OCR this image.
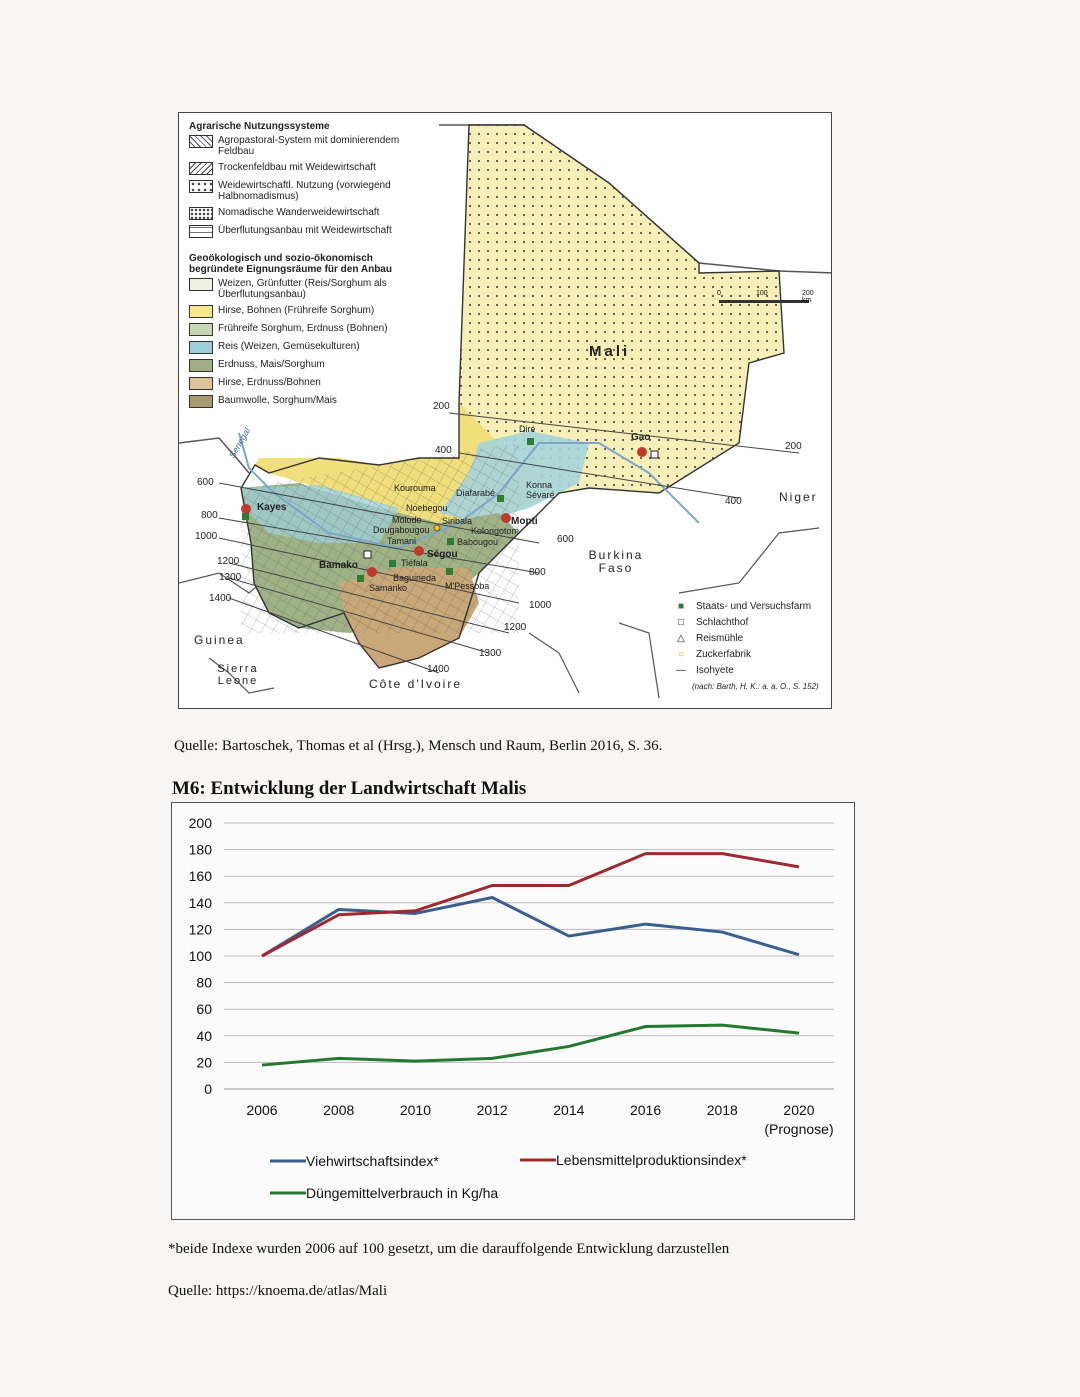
Agrarische Nutzungssysteme
Agropastoral-System mit dominierendem Feldbau
Trockenfeldbau mit Weidewirtschaft
Weidewirtschaftl. Nutzung (vorwiegend Halbnomadismus)
Nomadische Wanderweidewirtschaft
Überflutungsanbau mit Weidewirtschaft
Geoökologisch und sozio-ökonomisch begründete Eignungsräume für den Anbau
Weizen, Grünfutter (Reis/Sorghum als Überflutungsanbau)
Hirse, Bohnen (Frühreife Sorghum)
Frühreife Sorghum, Erdnuss (Bohnen)
Reis (Weizen, Gemüsekulturen)
Erdnuss, Mais/Sorghum
Hirse, Erdnuss/Bohnen
Baumwolle, Sorghum/Mais
Mali
Niger
Burkina Faso
Guinea
Sierra Leone	Côte d'Ivoire
Senegal
200
200
400
400
600
600
800
800
1000
1000
1200
1200
1300
1300
1400
1400
Diré
Gao
Kayes
Bamako
Ségou
Mopti
Kourouma Diafarabé
Noebegou
Molodo
Dougabougou
Siribala
Kolongotom
Tamani	Babougou
Tiéfala
Baguineda
Samanko	M'Pessoba
Konna
Sévaré
0	100	200 km
■	Staats- und Versuchsfarm
□	Schlachthof
△	Reismühle
○	Zuckerfabrik
— Isohyete
(nach: Barth, H. K.: a. a. O., S. 152)
Quelle: Bartoschek, Thomas et al (Hrsg.), Mensch und Raum, Berlin 2016, S. 36.
M6: Entwicklung der Landwirtschaft Malis
0
20
40
60
80
100
120
140
160
180
200
2006	2008	2010	2012	2014	2016	2018	2020
(Prognose)
Viehwirtschaftsindex*	Lebensmittelproduktionsindex*
Düngemittelverbrauch in Kg/ha
*beide Indexe wurden 2006 auf 100 gesetzt, um die darauffolgende Entwicklung darzustellen
Quelle: https://knoema.de/atlas/Mali
